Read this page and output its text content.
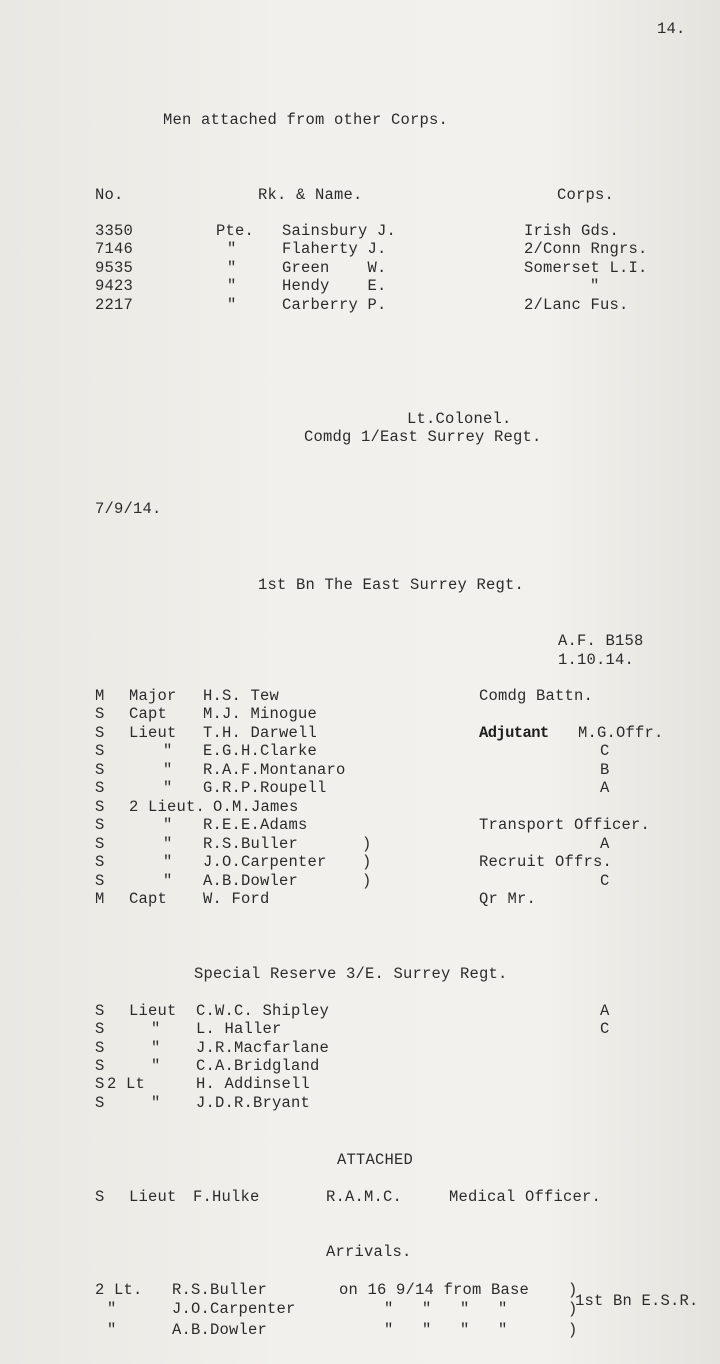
14.
Men attached from other Corps.
No.	Rk. & Name.	Corps.
3350	Pte. Sainsbury J.	Irish Gds.
7146	"	Flaherty J.	2/Conn Rngrs.
9535	"	Green    W.	Somerset L.I.
9423	"	Hendy    E.	"
2217	"	Carberry P.	2/Lanc Fus.
Lt.Colonel.
Comdg 1/East Surrey Regt.
7/9/14.
1st Bn The East Surrey Regt.
A.F. B158
1.10.14.
M Major H.S. Tew	Comdg Battn.
S Capt M.J. Minogue
S Lieut T.H. Darwell	Adjutant M.G.Offr.
S	" E.G.H.Clarke	C
S	" R.A.F.Montanaro	B
S	" G.R.P.Roupell	A
S 2 Lieut. O.M.James
S	" R.E.E.Adams	Transport Officer.
S	" R.S.Buller	)	A
S	" J.O.Carpenter )	Recruit Offrs.
S	" A.B.Dowler	)	C
M Capt W. Ford	Qr Mr.
Special Reserve 3/E. Surrey Regt.
S Lieut C.W.C. Shipley	A
S	" L. Haller	C
S	" J.R.Macfarlane
S	" C.A.Bridgland
S 2 Lt	H. Addinsell
S	" J.D.R.Bryant
ATTACHED
S Lieut F.Hulke	R.A.M.C.	Medical Officer.
Arrivals.
2 Lt. R.S.Buller	on 16 9/14 from Base	)
"	J.O.Carpenter	"   "   "   "	)
"	A.B.Dowler	"   "   "   "	)
1st Bn E.S.R.
